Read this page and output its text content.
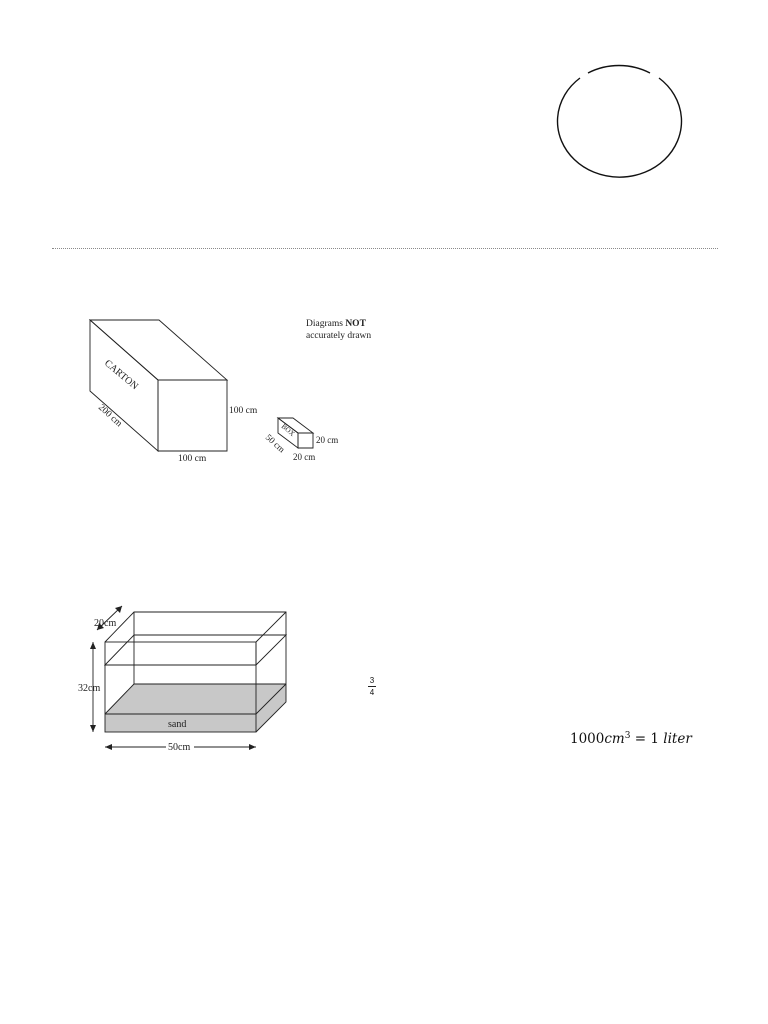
Diagrams NOT
accurately drawn
CARTON
200 cm
100 cm
100 cm
BOX
50 cm
20 cm
20 cm
sand
20cm
32cm
50cm
3
4
$1000cm^3 = 1$ liter
